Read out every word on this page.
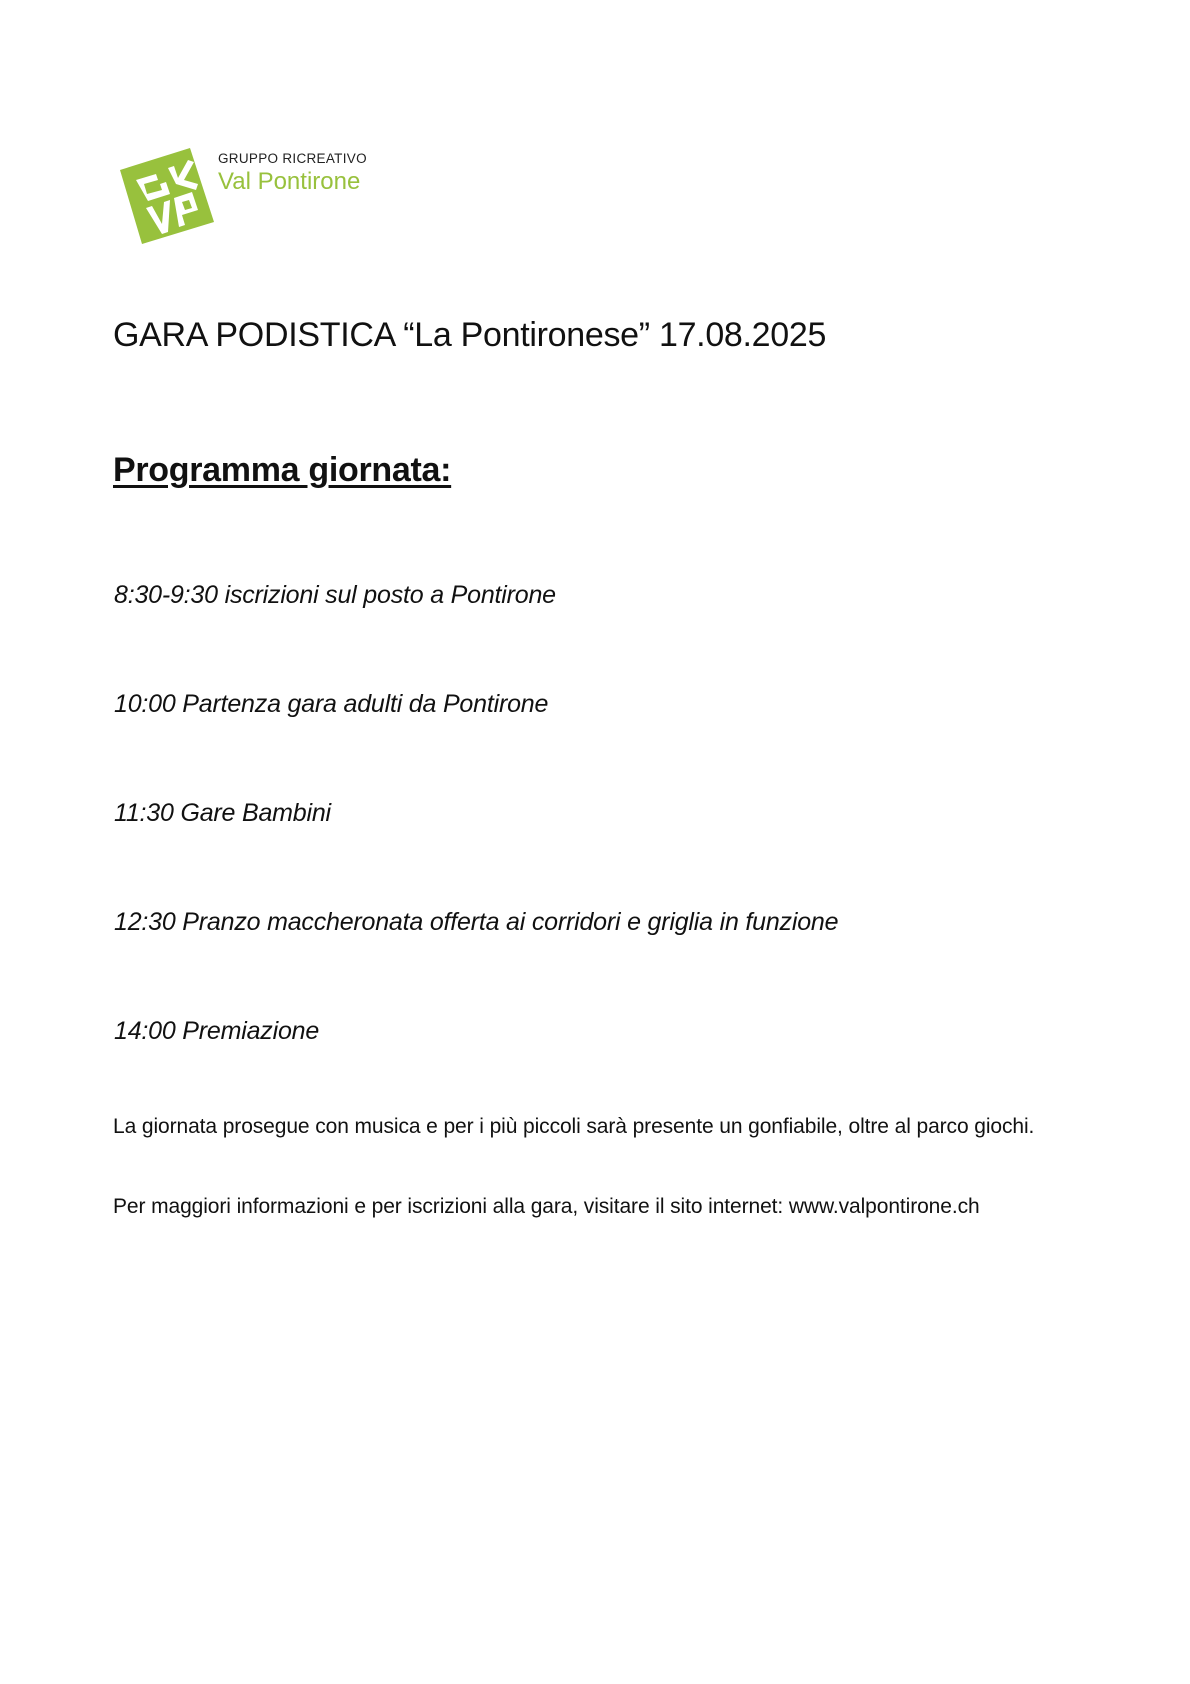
GRUPPO RICREATIVO
Val Pontirone
GARA PODISTICA “La Pontironese” 17.08.2025
Programma giornata:
8:30-9:30 iscrizioni sul posto a Pontirone
10:00 Partenza gara adulti da Pontirone
11:30 Gare Bambini
12:30 Pranzo maccheronata offerta ai corridori e griglia in funzione
14:00 Premiazione
La giornata prosegue con musica e per i più piccoli sarà presente un gonfiabile, oltre al parco giochi.
Per maggiori informazioni e per iscrizioni alla gara, visitare il sito internet: www.valpontirone.ch
